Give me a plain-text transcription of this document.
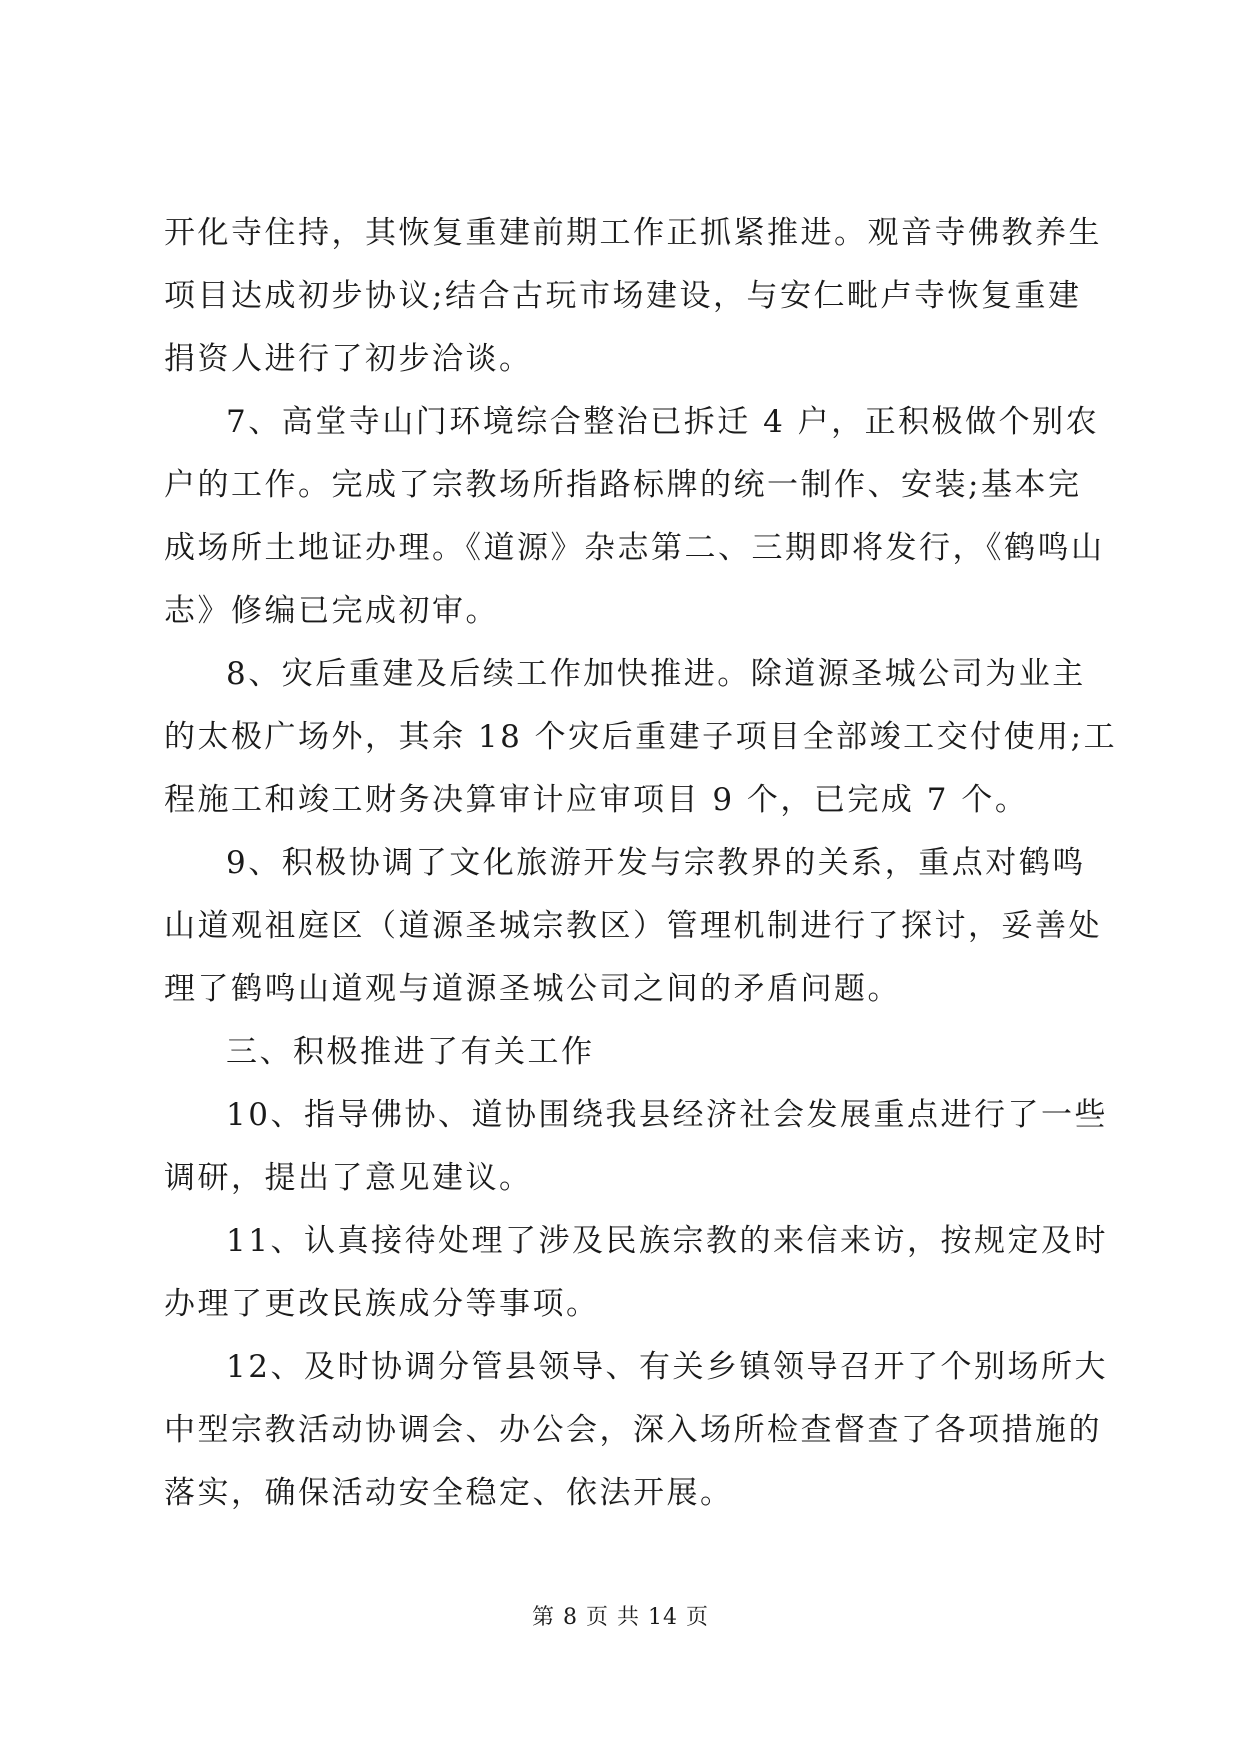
开化寺住持，其恢复重建前期工作正抓紧推进。观音寺佛教养生
项目达成初步协议;结合古玩市场建设，与安仁毗卢寺恢复重建
捐资人进行了初步洽谈。
7、高堂寺山门环境综合整治已拆迁 4 户，正积极做个别农
户的工作。完成了宗教场所指路标牌的统一制作、安装;基本完
成场所土地证办理。《道源》杂志第二、三期即将发行，《鹤鸣山
志》修编已完成初审。
8、灾后重建及后续工作加快推进。除道源圣城公司为业主
的太极广场外，其余 18 个灾后重建子项目全部竣工交付使用;工
程施工和竣工财务决算审计应审项目 9 个，已完成 7 个。
9、积极协调了文化旅游开发与宗教界的关系，重点对鹤鸣
山道观祖庭区（道源圣城宗教区）管理机制进行了探讨，妥善处
理了鹤鸣山道观与道源圣城公司之间的矛盾问题。
三、积极推进了有关工作
10、指导佛协、道协围绕我县经济社会发展重点进行了一些
调研，提出了意见建议。
11、认真接待处理了涉及民族宗教的来信来访，按规定及时
办理了更改民族成分等事项。
12、及时协调分管县领导、有关乡镇领导召开了个别场所大
中型宗教活动协调会、办公会，深入场所检查督查了各项措施的
落实，确保活动安全稳定、依法开展。
第 8 页 共 14 页
